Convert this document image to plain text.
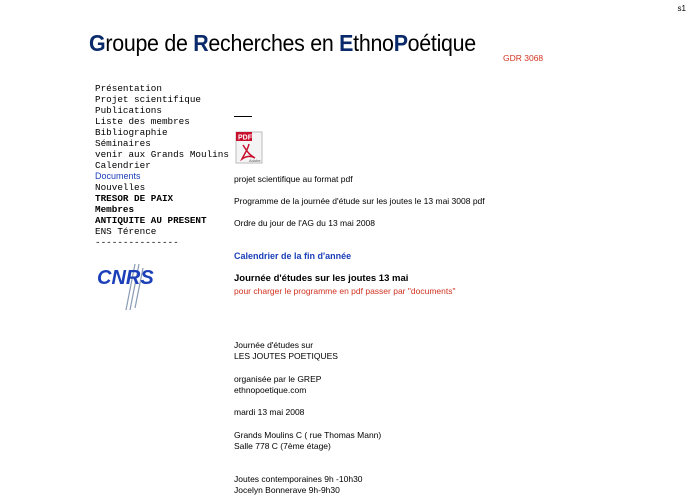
s1
Groupe de Recherches en EthnoPoétique
GDR 3068
Présentation
Projet scientifique
Publications
Liste des membres
Bibliographie
Séminaires
venir aux Grands Moulins
Calendrier
Documents
Nouvelles
TRESOR DE PAIX
Membres
ANTIQUITE AU PRESENT
ENS Térence
---------------
CNRS
PDF
Adobe
projet scientifique au format pdf
Programme de la journée d'étude sur les joutes le 13 mai 3008 pdf
Ordre du jour de l'AG du 13 mai 2008
Calendrier de la fin d'année
Journée d'études sur les joutes 13 mai
pour charger le programme en pdf passer par "documents"
Journée d'études sur
LES JOUTES POETIQUES
organisée par le GREP
ethnopoetique.com
mardi 13 mai 2008
Grands Moulins C ( rue Thomas Mann)
Salle 778 C (7ème étage)
Joutes contemporaines 9h -10h30
Jocelyn Bonnerave 9h-9h30
